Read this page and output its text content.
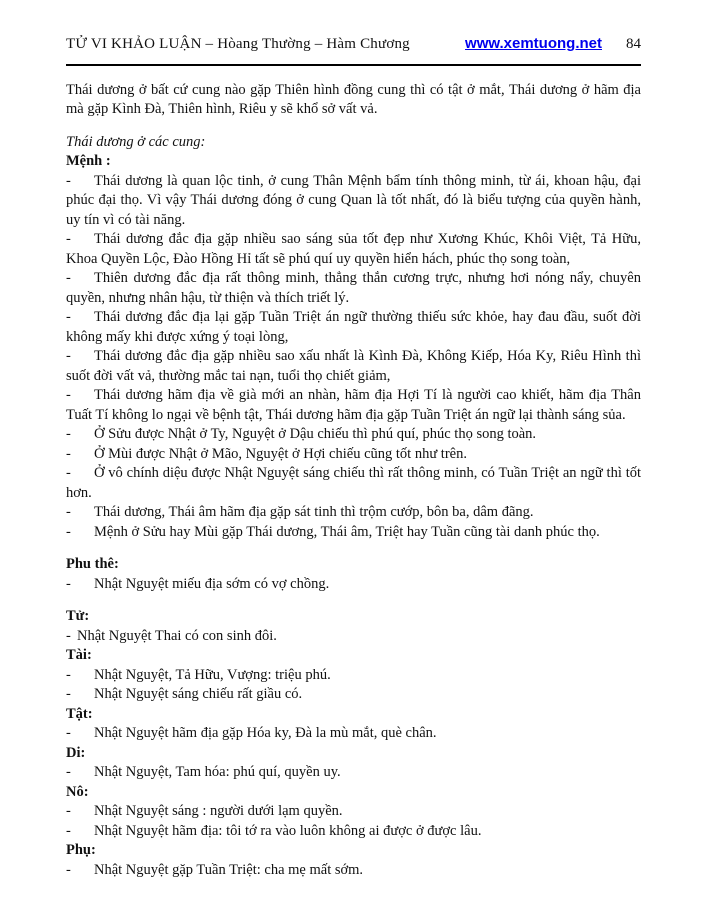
TỬ VI KHẢO LUẬN – Hòang Thường – Hàm Chương	www.xemtuong.net 84

Thái dương ở bất cứ cung nào gặp Thiên hình đồng cung thì có tật ở mắt, Thái dương ở hãm địa mà gặp Kình Đà, Thiên hình, Riêu y sẽ khổ sở vất vả.

Thái dương ở các cung:

Mệnh :

- Thái dương là quan lộc tinh, ở cung Thân Mệnh bẩm tính thông minh, từ ái, khoan hậu, đại phúc đại thọ. Vì vậy Thái dương đóng ở cung Quan là tốt nhất, đó là biểu tượng của quyền hành, uy tín vì có tài năng.

- Thái dương đắc địa gặp nhiều sao sáng sủa tốt đẹp như Xương Khúc, Khôi Việt, Tả Hữu, Khoa Quyền Lộc, Đào Hồng Hỉ tất sẽ phú quí uy quyền hiển hách, phúc thọ song toàn,

- Thiên dương đắc địa rất thông minh, thẳng thắn cương trực, nhưng hơi nóng nẩy, chuyên quyền, nhưng nhân hậu, từ thiện và thích triết lý.

- Thái dương đắc địa lại gặp Tuần Triệt án ngữ thường thiếu sức khỏe, hay đau đầu, suốt đời không mấy khi được xứng ý toại lòng,

- Thái dương đắc địa gặp nhiều sao xấu nhất là Kình Đà, Không Kiếp, Hóa Ky, Riêu Hình thì suốt đời vất vả, thường mắc tai nạn, tuổi thọ chiết giảm,

- Thái dương hãm địa về già mới an nhàn, hãm địa Hợi Tí là người cao khiết, hãm địa Thân Tuất Tí không lo ngại về bệnh tật, Thái dương hãm địa gặp Tuần Triệt án ngữ lại thành sáng sủa.

- Ở Sửu được Nhật ở Ty, Nguyệt ở Dậu chiếu thì phú quí, phúc thọ song toàn.

- Ở Mùi được Nhật ở Mão, Nguyệt ở Hợi chiếu cũng tốt như trên.

- Ở vô chính diệu được Nhật Nguyệt sáng chiếu thì rất thông minh, có Tuần Triệt an ngữ thì tốt hơn.

- Thái dương, Thái âm hãm địa gặp sát tinh thì trộm cướp, bôn ba, dâm đãng.

- Mệnh ở Sửu hay Mùi gặp Thái dương, Thái âm, Triệt hay Tuần cũng tài danh phúc thọ.

Phu thê:

- Nhật Nguyệt miếu địa sớm có vợ chồng.

Tử:

- Nhật Nguyệt Thai có con sinh đôi.

Tài:

- Nhật Nguyệt, Tả Hữu, Vượng: triệu phú.

- Nhật Nguyệt sáng chiếu rất giầu có.

Tật:

- Nhật Nguyệt hãm địa gặp Hóa ky, Đà la mù mắt, què chân.

Di:

- Nhật Nguyệt, Tam hóa: phú quí, quyền uy.

Nô:

- Nhật Nguyệt sáng : người dưới lạm quyền.

- Nhật Nguyệt hãm địa: tôi tớ ra vào luôn không ai được ở được lâu.

Phụ:

- Nhật Nguyệt gặp Tuần Triệt: cha mẹ mất sớm.
